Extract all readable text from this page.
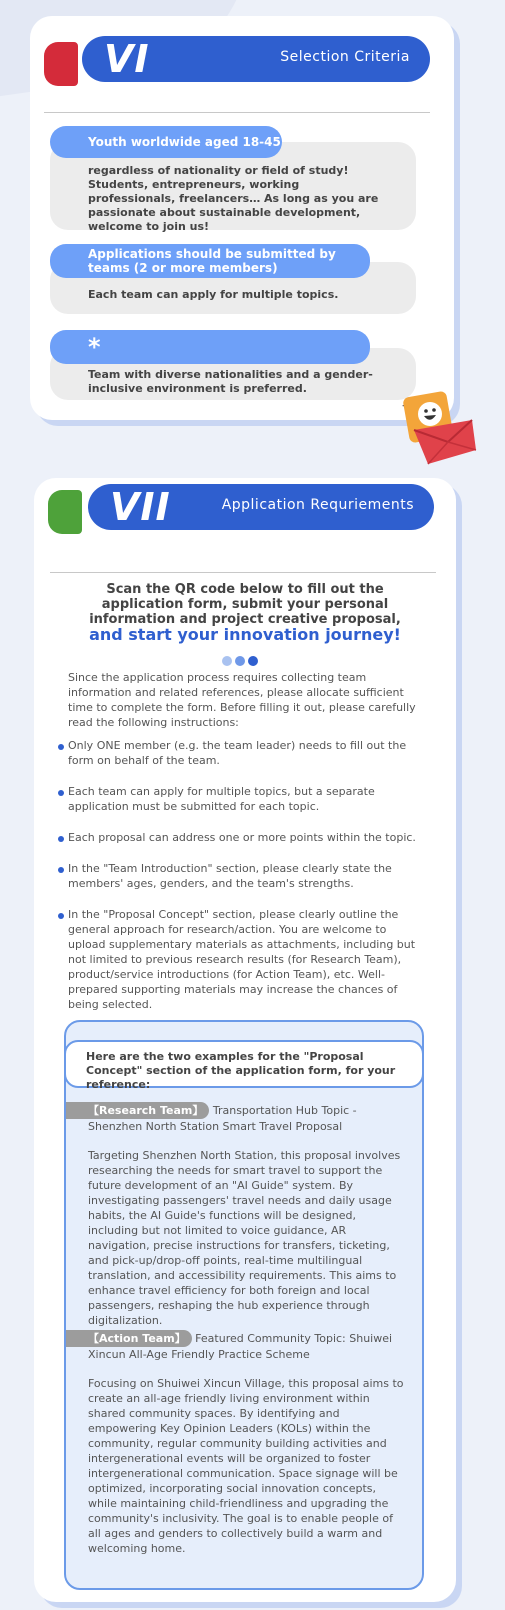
VI	Selection Criteria
regardless of nationality or field of study! Students, entrepreneurs, working professionals, freelancers… As long as you are passionate about sustainable development, welcome to join us!
Youth worldwide aged 18-45
Each team can apply for multiple topics.
Applications should be submitted by teams (2 or more members)
Team with diverse nationalities and a gender-inclusive environment is preferred.
*
VII	Application Requriements
Scan the QR code below to fill out the application form, submit your personal information and project creative proposal,
and start your innovation journey!
Since the application process requires collecting team information and related references, please allocate sufficient time to complete the form. Before filling it out, please carefully read the following instructions:
Only ONE member (e.g. the team leader) needs to fill out the form on behalf of the team.
Each team can apply for multiple topics, but a separate application must be submitted for each topic.
Each proposal can address one or more points within the topic.
In the "Team Introduction" section, please clearly state the members' ages, genders, and the team's strengths.
In the "Proposal Concept" section, please clearly outline the general approach for research/action. You are welcome to upload supplementary materials as attachments, including but not limited to previous research results (for Research Team), product/service introductions (for Action Team), etc. Well-prepared supporting materials may increase the chances of being selected.
Here are the two examples for the "Proposal Concept" section of the application form, for your reference:
【Research Team】 Transportation Hub Topic - Shenzhen North Station Smart Travel Proposal
Targeting Shenzhen North Station, this proposal involves researching the needs for smart travel to support the future development of an "AI Guide" system. By investigating passengers' travel needs and daily usage habits, the AI Guide's functions will be designed, including but not limited to voice guidance, AR navigation, precise instructions for transfers, ticketing, and pick-up/drop-off points, real-time multilingual translation, and accessibility requirements. This aims to enhance travel efficiency for both foreign and local passengers, reshaping the hub experience through digitalization.
【Action Team】 Featured Community Topic: Shuiwei Xincun All-Age Friendly Practice Scheme
Focusing on Shuiwei Xincun Village, this proposal aims to create an all-age friendly living environment within shared community spaces. By identifying and empowering Key Opinion Leaders (KOLs) within the community, regular community building activities and intergenerational events will be organized to foster intergenerational communication. Space signage will be optimized, incorporating social innovation concepts, while maintaining child-friendliness and upgrading the community's inclusivity. The goal is to enable people of all ages and genders to collectively build a warm and welcoming home.
